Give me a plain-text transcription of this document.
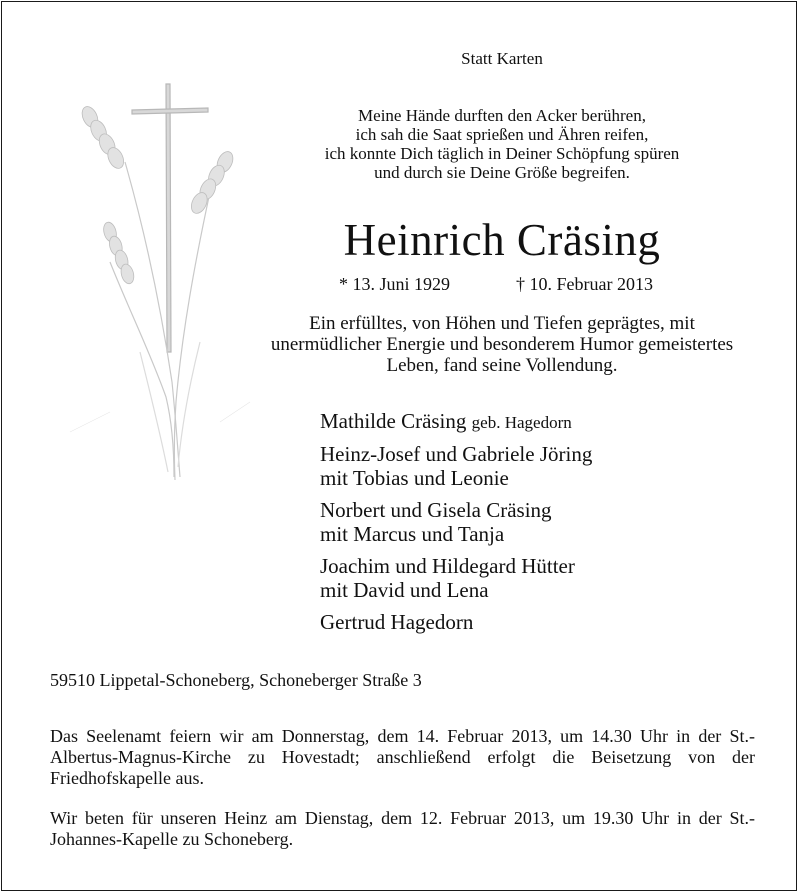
Statt Karten
Meine Hände durften den Acker berühren,
ich sah die Saat sprießen und Ähren reifen,
ich konnte Dich täglich in Deiner Schöpfung spüren
und durch sie Deine Größe begreifen.
Heinrich Cräsing
* 13. Juni 1929	† 10. Februar 2013
Ein erfülltes, von Höhen und Tiefen geprägtes, mit
unermüdlicher Energie und besonderem Humor gemeistertes
Leben, fand seine Vollendung.
Mathilde Cräsing geb. Hagedorn
Heinz-Josef und Gabriele Jöring
mit Tobias und Leonie
Norbert und Gisela Cräsing
mit Marcus und Tanja
Joachim und Hildegard Hütter
mit David und Lena
Gertrud Hagedorn
59510 Lippetal-Schoneberg, Schoneberger Straße 3
Das Seelenamt feiern wir am Donnerstag, dem 14. Februar 2013, um 14.30 Uhr in der St.-Albertus-Magnus-Kirche zu Hovestadt; anschließend erfolgt die Beisetzung von der Friedhofskapelle aus.
Wir beten für unseren Heinz am Dienstag, dem 12. Februar 2013, um 19.30 Uhr in der St.-Johannes-Kapelle zu Schoneberg.
